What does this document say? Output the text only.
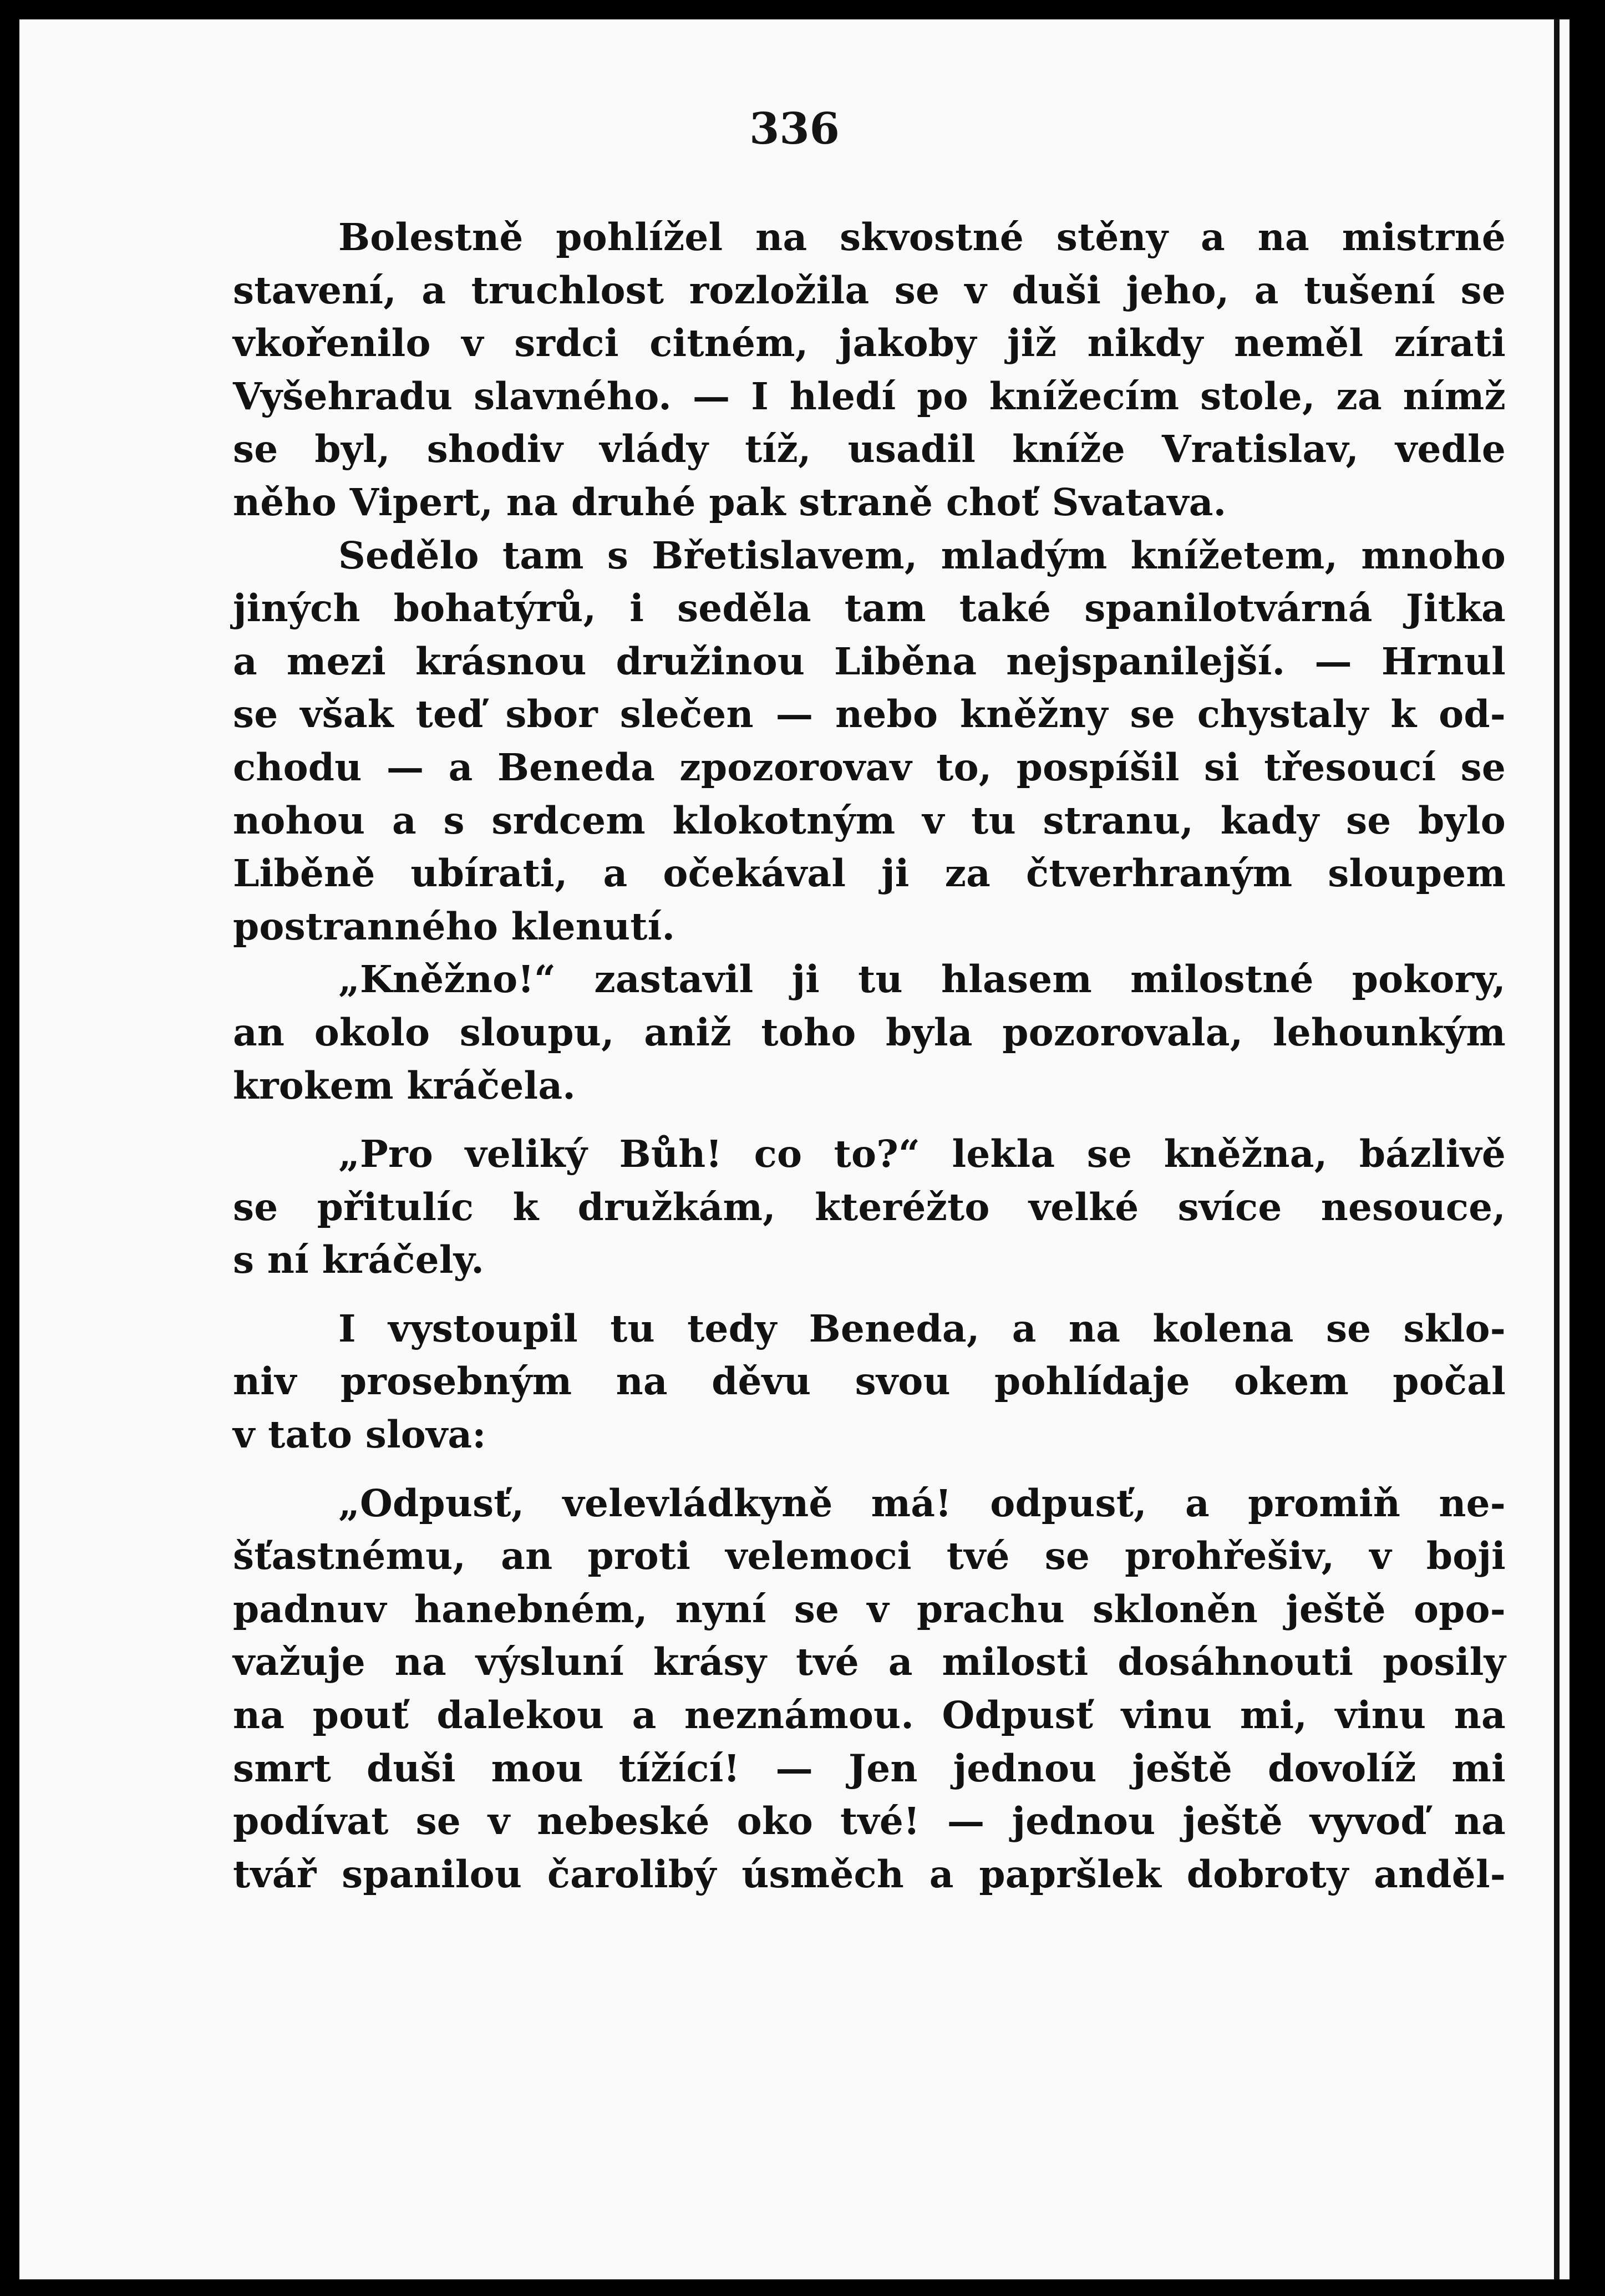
336
Bolestně pohlížel na skvostné stěny a na mistrné
stavení, a truchlost rozložila se v duši jeho, a tušení se
vkořenilo v srdci citném, jakoby již nikdy neměl zírati
Vyšehradu slavného. — I hledí po knížecím stole, za nímž
se byl, shodiv vlády tíž, usadil kníže Vratislav, vedle
něho Vipert, na druhé pak straně choť Svatava.
Sedělo tam s Břetislavem, mladým knížetem, mnoho
jiných bohatýrů, i seděla tam také spanilotvárná Jitka
a mezi krásnou družinou Liběna nejspanilejší. — Hrnul
se však teď sbor slečen — nebo kněžny se chystaly k od-
chodu — a Beneda zpozorovav to, pospíšil si třesoucí se
nohou a s srdcem klokotným v tu stranu, kady se bylo
Liběně ubírati, a očekával ji za čtverhraným sloupem
postranného klenutí.
„Kněžno!“ zastavil ji tu hlasem milostné pokory,
an okolo sloupu, aniž toho byla pozorovala, lehounkým
krokem kráčela.
„Pro veliký Bůh! co to?“ lekla se kněžna, bázlivě
se přitulíc k družkám, kteréžto velké svíce nesouce,
s ní kráčely.
I vystoupil tu tedy Beneda, a na kolena se sklo-
niv prosebným na děvu svou pohlídaje okem počal
v tato slova:
„Odpusť, velevládkyně má! odpusť, a promiň ne-
šťastnému, an proti velemoci tvé se prohřešiv, v boji
padnuv hanebném, nyní se v prachu skloněn ještě opo-
važuje na výsluní krásy tvé a milosti dosáhnouti posily
na pouť dalekou a neznámou. Odpusť vinu mi, vinu na
smrt duši mou tížící! — Jen jednou ještě dovolíž mi
podívat se v nebeské oko tvé! — jednou ještě vyvoď na
tvář spanilou čarolibý úsměch a papršlek dobroty anděl-
